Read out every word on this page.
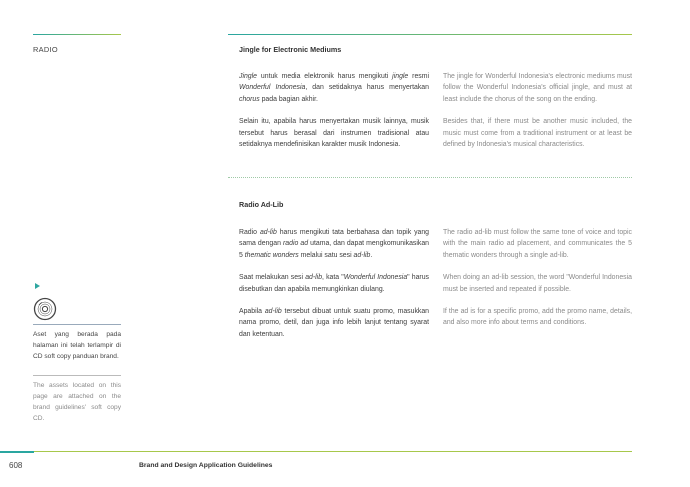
RADIO	Jingle for Electronic Mediums

Jingle untuk media elektronik harus mengikuti jingle resmi Wonderful Indonesia, dan setidaknya harus menyertakan chorus pada bagian akhir.

Selain itu, apabila harus menyertakan musik lainnya, musik tersebut harus berasal dari instrumen tradisional atau setidaknya mendefinisikan karakter musik Indonesia.

The jingle for Wonderful Indonesia's electronic mediums must follow the Wonderful Indonesia's official jingle, and must at least include the chorus of the song on the ending.

Besides that, if there must be another music included, the music must come from a traditional instrument or at least be defined by Indonesia's musical characteristics.

Radio Ad-Lib

Radio ad-lib harus mengikuti tata berbahasa dan topik yang sama dengan radio ad utama, dan dapat mengkomunikasikan 5 thematic wonders melalui satu sesi ad-lib.

Saat melakukan sesi ad-lib, kata "Wonderful Indonesia" harus disebutkan dan apabila memungkinkan diulang.

Apabila ad-lib tersebut dibuat untuk suatu promo, masukkan nama promo, detil, dan juga info lebih lanjut tentang syarat dan ketentuan.

The radio ad-lib must follow the same tone of voice and topic with the main radio ad placement, and communicates the 5 thematic wonders through a single ad-lib.

When doing an ad-lib session, the word "Wonderful Indonesia must be inserted and repeated if possible.

If the ad is for a specific promo, add the promo name, details, and also more info about terms and conditions.

Aset yang berada pada halaman ini telah terlampir di CD soft copy panduan brand.

The assets located on this page are attached on the brand guidelines' soft copy CD.

608	Brand and Design Application Guidelines
